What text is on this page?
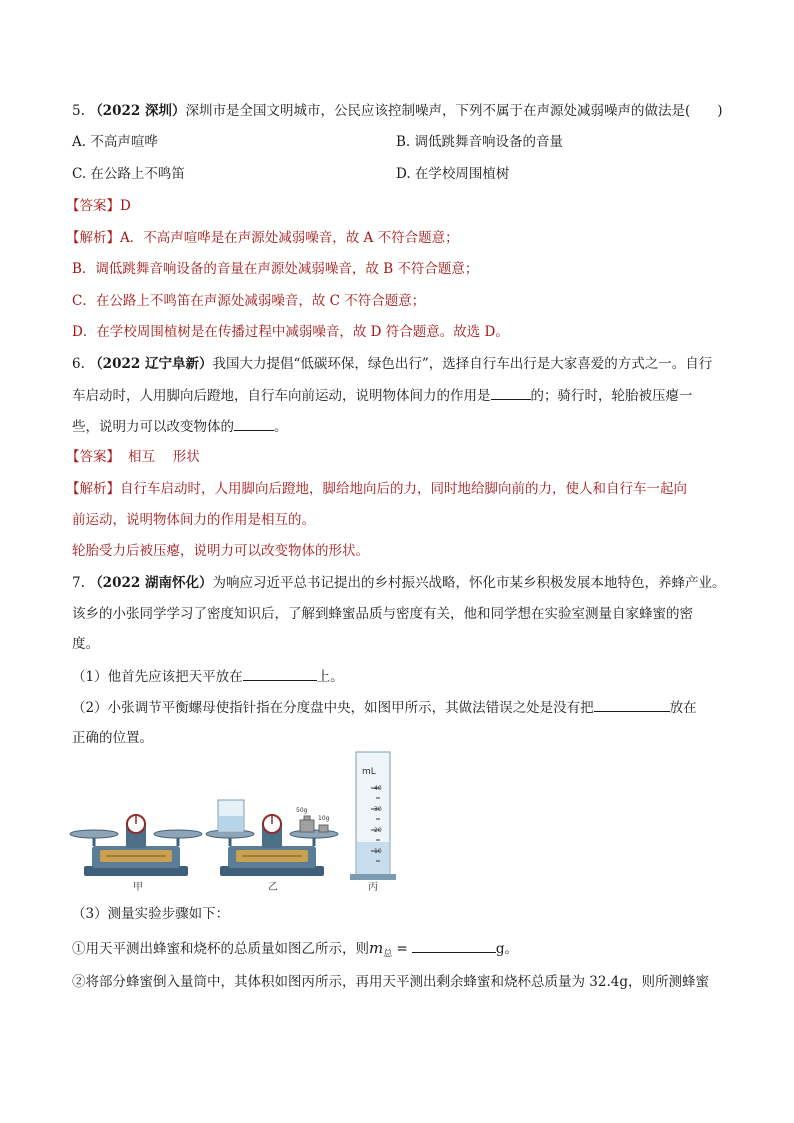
5. （2022 深圳）深圳市是全国文明城市，公民应该控制噪声，下列不属于在声源处减弱噪声的做法是(　　)
A. 不高声喧哗	B. 调低跳舞音响设备的音量
C. 在公路上不鸣笛	D. 在学校周围植树
【答案】D
【解析】A．不高声喧哗是在声源处减弱噪音，故 A 不符合题意；
B．调低跳舞音响设备的音量在声源处减弱噪音，故 B 不符合题意；
C．在公路上不鸣笛在声源处减弱噪音，故 C 不符合题意；
D．在学校周围植树是在传播过程中减弱噪音，故 D 符合题意。故选 D。
6. （2022 辽宁阜新）我国大力提倡“低碳环保，绿色出行”，选择自行车出行是大家喜爱的方式之一。自行
车启动时，人用脚向后蹬地，自行车向前运动，说明物体间力的作用是	的；骑行时，轮胎被压瘪一
些，说明力可以改变物体的	。
【答案】 相互　 形状
【解析】自行车启动时，人用脚向后蹬地，脚给地向后的力，同时地给脚向前的力，使人和自行车一起向
前运动，说明物体间力的作用是相互的。
轮胎受力后被压瘪，说明力可以改变物体的形状。
7. （2022 湖南怀化）为响应习近平总书记提出的乡村振兴战略，怀化市某乡积极发展本地特色，养蜂产业。
该乡的小张同学学习了密度知识后，了解到蜂蜜品质与密度有关，他和同学想在实验室测量自家蜂蜜的密
度。
（1）他首先应该把天平放在	上。
（2）小张调节平衡螺母使指针指在分度盘中央，如图甲所示，其做法错误之处是没有把	放在
正确的位置。
甲
50g
10g
乙
mL
40
30
20
10
丙
（3）测量实验步骤如下：
①用天平测出蜂蜜和烧杯的总质量如图乙所示，则$m_总$ =	g。
②将部分蜂蜜倒入量筒中，其体积如图丙所示，再用天平测出剩余蜂蜜和烧杯总质量为 32.4g，则所测蜂蜜
